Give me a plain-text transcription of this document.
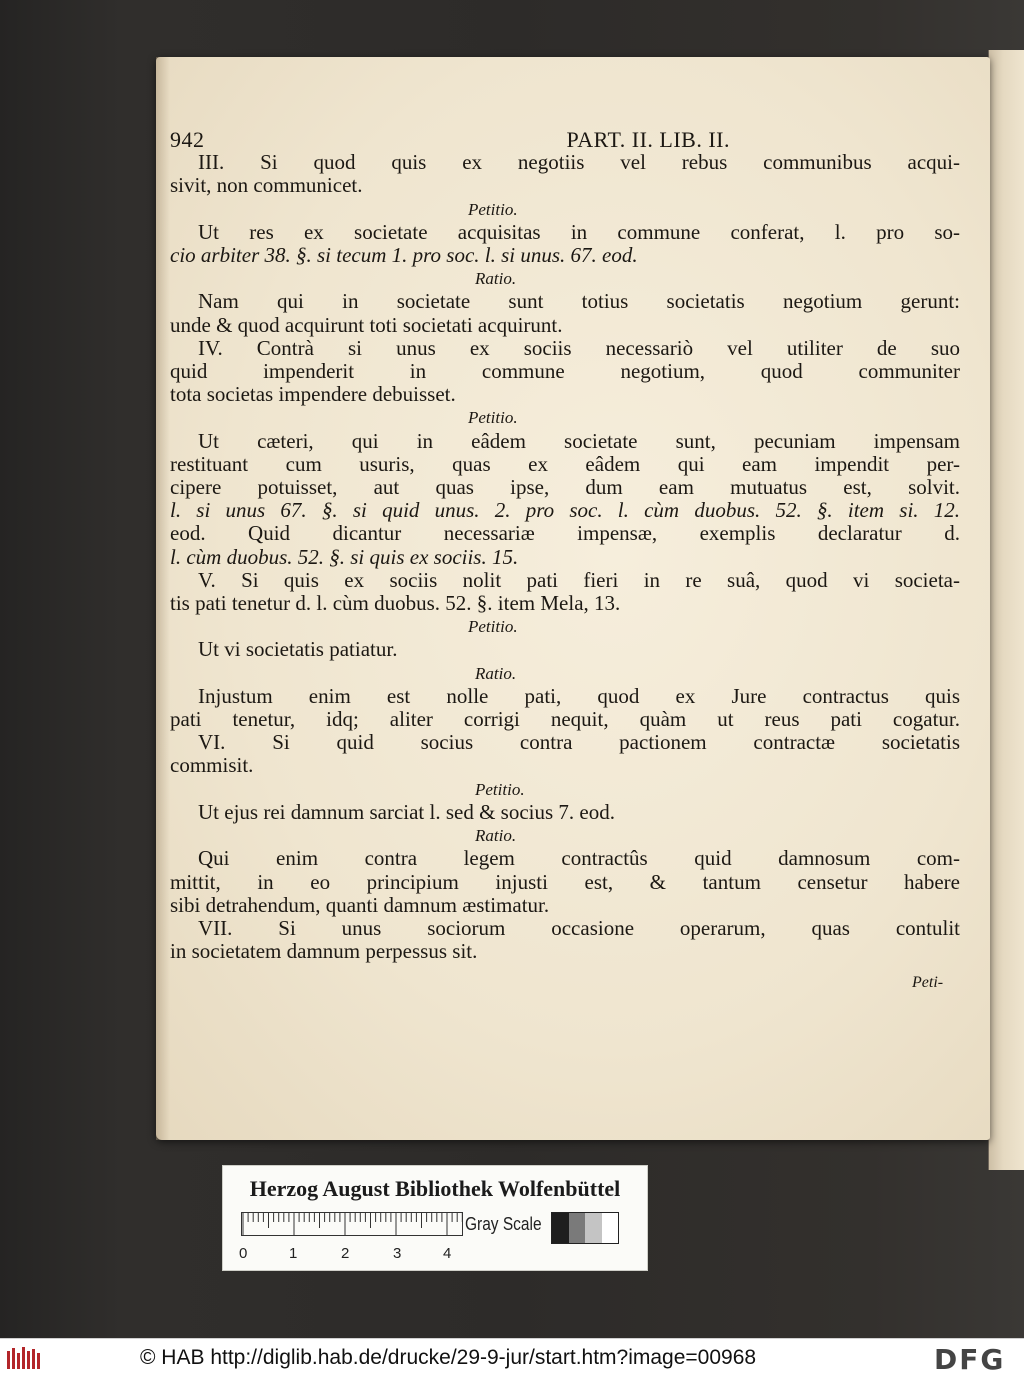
942	PART. II. LIB. II.
III. Si quod quis ex negotiis vel rebus communibus acqui-
sivit, non communicet.
Petitio.
Ut res ex societate acquisitas in commune conferat, l. pro so-
cio arbiter 38. §. si tecum 1. pro soc. l. si unus. 67. eod.
Ratio.
Nam qui in societate sunt totius societatis negotium gerunt:
unde & quod acquirunt toti societati acquirunt.
IV. Contrà si unus ex sociis necessariò vel utiliter de suo
quid impenderit in commune negotium, quod communiter
tota societas impendere debuisset.
Petitio.
Ut cæteri, qui in eâdem societate sunt, pecuniam impensam
restituant cum usuris, quas ex eâdem qui eam impendit per-
cipere potuisset, aut quas ipse, dum eam mutuatus est, solvit.
l. si unus 67. §. si quid unus. 2. pro soc. l. cùm duobus. 52. §. item si. 12.
eod. Quid dicantur necessariæ impensæ, exemplis declaratur d.
l. cùm duobus. 52. §. si quis ex sociis. 15.
V. Si quis ex sociis nolit pati fieri in re suâ, quod vi societa-
tis pati tenetur d. l. cùm duobus. 52. §. item Mela, 13.
Petitio.
Ut vi societatis patiatur.
Ratio.
Injustum enim est nolle pati, quod ex Jure contractus quis
pati tenetur, idq; aliter corrigi nequit, quàm ut reus pati cogatur.
VI. Si quid socius contra pactionem contractæ societatis
commisit.
Petitio.
Ut ejus rei damnum sarciat l. sed & socius 7. eod.
Ratio.
Qui enim contra legem contractûs quid damnosum com-
mittit, in eo principium injusti est, & tantum censetur habere
sibi detrahendum, quanti damnum æstimatur.
VII. Si unus sociorum occasione operarum, quas contulit
in societatem damnum perpessus sit.
Peti-
Herzog August Bibliothek Wolfenbüttel
0	1	2	3	4
Gray Scale
© HAB http://diglib.hab.de/drucke/29-9-jur/start.htm?image=00968	DFG
